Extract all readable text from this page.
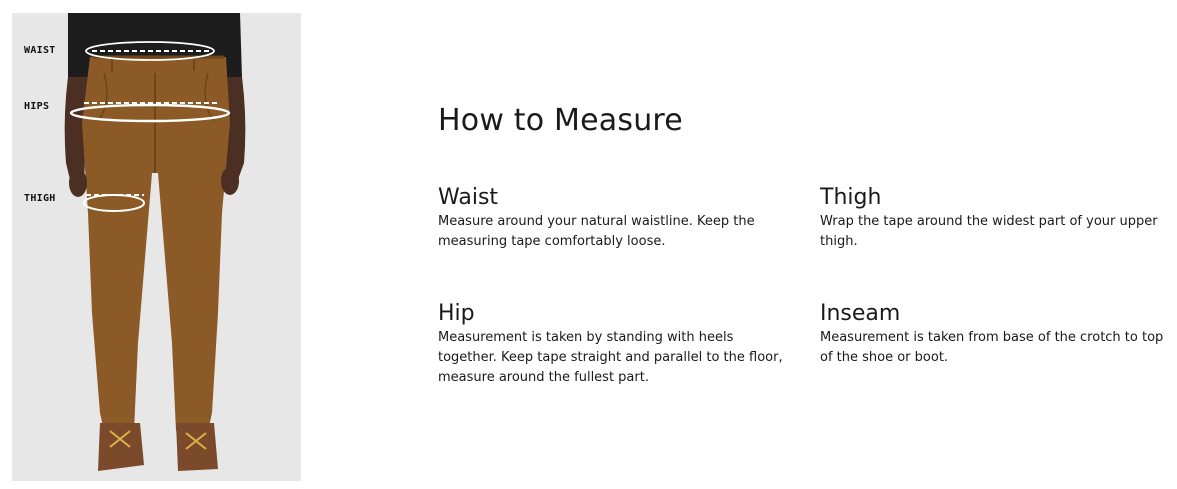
WAIST
HIPS
THIGH
How to Measure
Waist

Measure around your natural waistline. Keep the measuring tape comfortably loose.

Thigh

Wrap the tape around the widest part of your upper thigh.

Hip

Measurement is taken by standing with heels together. Keep tape straight and parallel to the floor, measure around the fullest part.

Inseam

Measurement is taken from base of the crotch to top of the shoe or boot.
